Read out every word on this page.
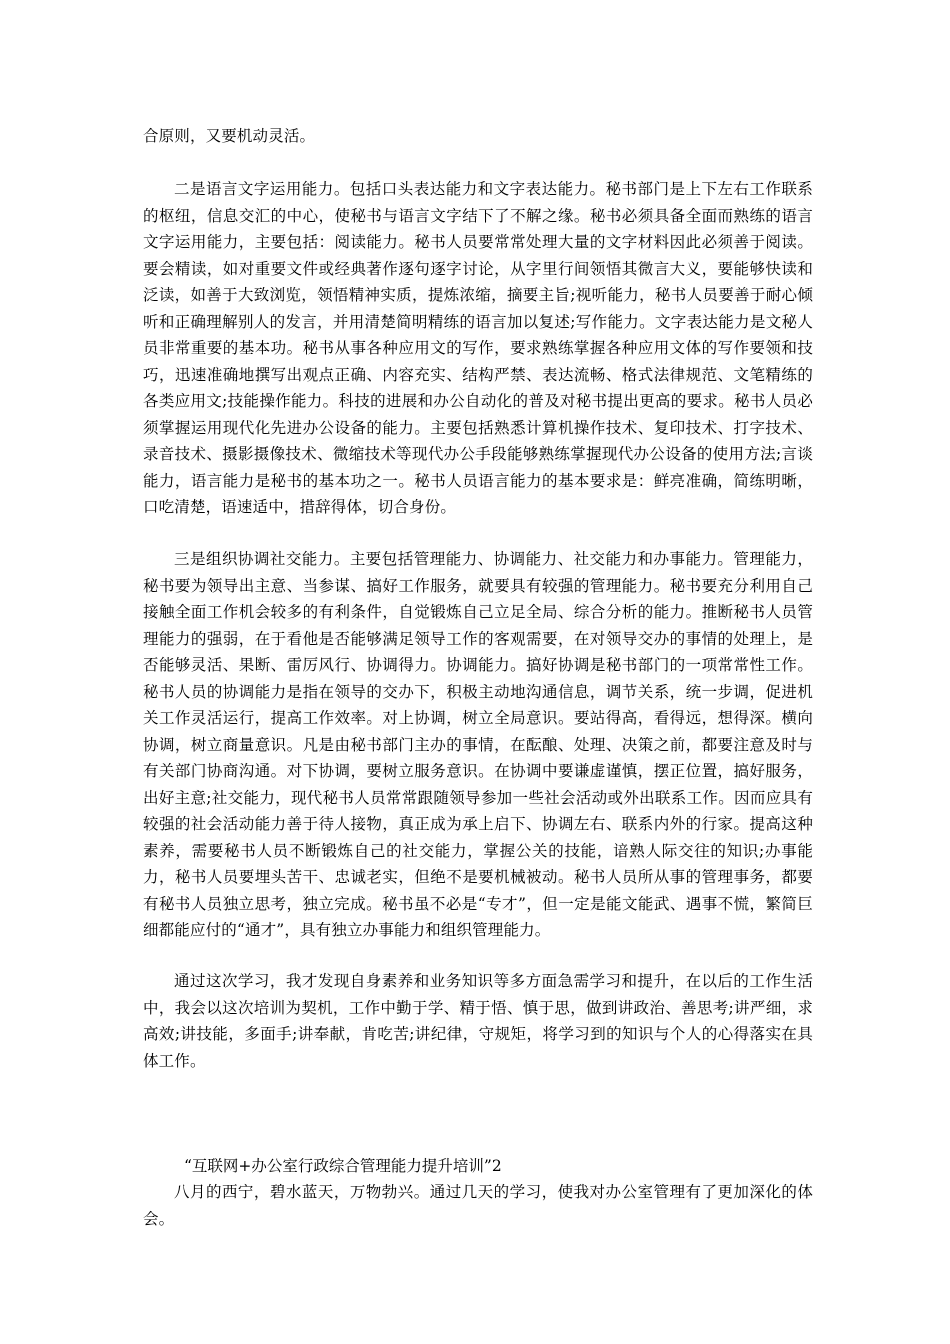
合原则，又要机动灵活。

二是语言文字运用能力。包括口头表达能力和文字表达能力。秘书部门是上下左右工作联系的枢纽，信息交汇的中心，使秘书与语言文字结下了不解之缘。秘书必须具备全面而熟练的语言文字运用能力，主要包括：阅读能力。秘书人员要常常处理大量的文字材料因此必须善于阅读。要会精读，如对重要文件或经典著作逐句逐字讨论，从字里行间领悟其微言大义，要能够快读和泛读，如善于大致浏览，领悟精神实质，提炼浓缩，摘要主旨;视听能力，秘书人员要善于耐心倾听和正确理解别人的发言，并用清楚简明精练的语言加以复述;写作能力。文字表达能力是文秘人员非常重要的基本功。秘书从事各种应用文的写作，要求熟练掌握各种应用文体的写作要领和技巧，迅速准确地撰写出观点正确、内容充实、结构严禁、表达流畅、格式法律规范、文笔精练的各类应用文;技能操作能力。科技的进展和办公自动化的普及对秘书提出更高的要求。秘书人员必须掌握运用现代化先进办公设备的能力。主要包括熟悉计算机操作技术、复印技术、打字技术、录音技术、摄影摄像技术、微缩技术等现代办公手段能够熟练掌握现代办公设备的使用方法;言谈能力，语言能力是秘书的基本功之一。秘书人员语言能力的基本要求是：鲜亮准确，简练明晰，口吃清楚，语速适中，措辞得体，切合身份。

三是组织协调社交能力。主要包括管理能力、协调能力、社交能力和办事能力。管理能力，秘书要为领导出主意、当参谋、搞好工作服务，就要具有较强的管理能力。秘书要充分利用自己接触全面工作机会较多的有利条件，自觉锻炼自己立足全局、综合分析的能力。推断秘书人员管理能力的强弱，在于看他是否能够满足领导工作的客观需要，在对领导交办的事情的处理上，是否能够灵活、果断、雷厉风行、协调得力。协调能力。搞好协调是秘书部门的一项常常性工作。秘书人员的协调能力是指在领导的交办下，积极主动地沟通信息，调节关系，统一步调，促进机关工作灵活运行，提高工作效率。对上协调，树立全局意识。要站得高，看得远，想得深。横向协调，树立商量意识。凡是由秘书部门主办的事情，在酝酿、处理、决策之前，都要注意及时与有关部门协商沟通。对下协调，要树立服务意识。在协调中要谦虚谨慎，摆正位置，搞好服务，出好主意;社交能力，现代秘书人员常常跟随领导参加一些社会活动或外出联系工作。因而应具有较强的社会活动能力善于待人接物，真正成为承上启下、协调左右、联系内外的行家。提高这种素养，需要秘书人员不断锻炼自己的社交能力，掌握公关的技能，谙熟人际交往的知识;办事能力，秘书人员要埋头苦干、忠诚老实，但绝不是要机械被动。秘书人员所从事的管理事务，都要有秘书人员独立思考，独立完成。秘书虽不必是“专才”，但一定是能文能武、遇事不慌，繁简巨细都能应付的“通才”，具有独立办事能力和组织管理能力。

通过这次学习，我才发现自身素养和业务知识等多方面急需学习和提升，在以后的工作生活中，我会以这次培训为契机，工作中勤于学、精于悟、慎于思，做到讲政治、善思考;讲严细，求高效;讲技能，多面手;讲奉献，肯吃苦;讲纪律，守规矩，将学习到的知识与个人的心得落实在具体工作。

“互联网+办公室行政综合管理能力提升培训”2

八月的西宁，碧水蓝天，万物勃兴。通过几天的学习，使我对办公室管理有了更加深化的体会。
